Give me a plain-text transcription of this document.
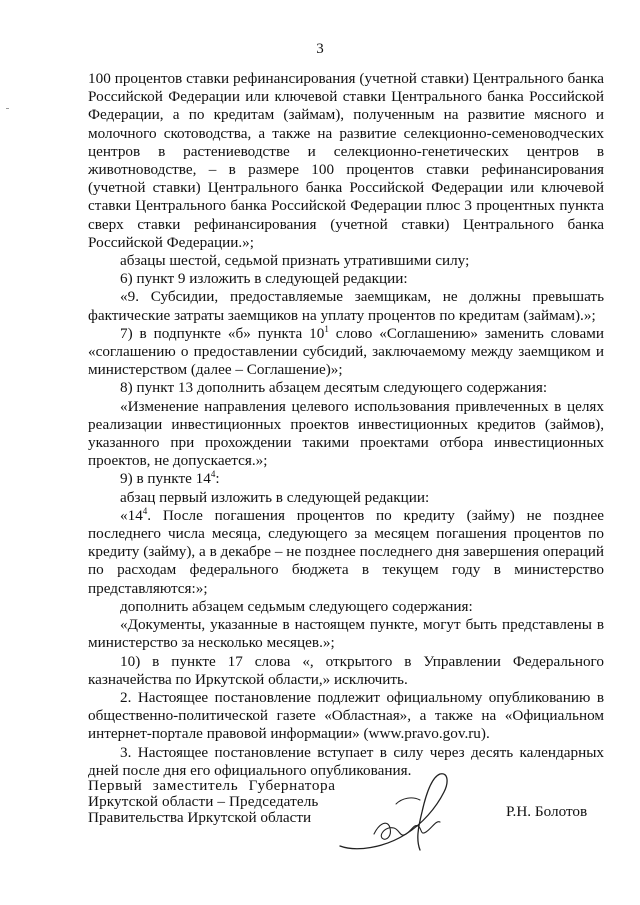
3

100 процентов ставки рефинансирования (учетной ставки) Центрального банка Российской Федерации или ключевой ставки Центрального банка Российской Федерации, а по кредитам (займам), полученным на развитие мясного и молочного скотоводства, а также на развитие селекционно-семеноводческих центров в растениеводстве и селекционно-генетических центров в животноводстве, – в размере 100 процентов ставки рефинансирования (учетной ставки) Центрального банка Российской Федерации или ключевой ставки Центрального банка Российской Федерации плюс 3 процентных пункта сверх ставки рефинансирования (учетной ставки) Центрального банка Российской Федерации.»;

абзацы шестой, седьмой признать утратившими силу;

6) пункт 9 изложить в следующей редакции:

«9. Субсидии, предоставляемые заемщикам, не должны превышать фактические затраты заемщиков на уплату процентов по кредитам (займам).»;

7) в подпункте «б» пункта $10^1$ слово «Соглашению» заменить словами «соглашению о предоставлении субсидий, заключаемому между заемщиком и министерством (далее – Соглашение)»;

8) пункт 13 дополнить абзацем десятым следующего содержания:

«Изменение направления целевого использования привлеченных в целях реализации инвестиционных проектов инвестиционных кредитов (займов), указанного при прохождении такими проектами отбора инвестиционных проектов, не допускается.»;

9) в пункте $14^4$:

абзац первый изложить в следующей редакции:

«$14^4$. После погашения процентов по кредиту (займу) не позднее последнего числа месяца, следующего за месяцем погашения процентов по кредиту (займу), а в декабре – не позднее последнего дня завершения операций по расходам федерального бюджета в текущем году в министерство представляются:»;

дополнить абзацем седьмым следующего содержания:

«Документы, указанные в настоящем пункте, могут быть представлены в министерство за несколько месяцев.»;

10) в пункте 17 слова «, открытого в Управлении Федерального казначейства по Иркутской области,» исключить.

2. Настоящее постановление подлежит официальному опубликованию в общественно-политической газете «Областная», а также на «Официальном интернет-портале правовой информации» (www.pravo.gov.ru).

3. Настоящее постановление вступает в силу через десять календарных дней после дня его официального опубликования.

Первый заместитель Губернатора
Иркутской области – Председатель
Правительства Иркутской области	Р.Н. Болотов
